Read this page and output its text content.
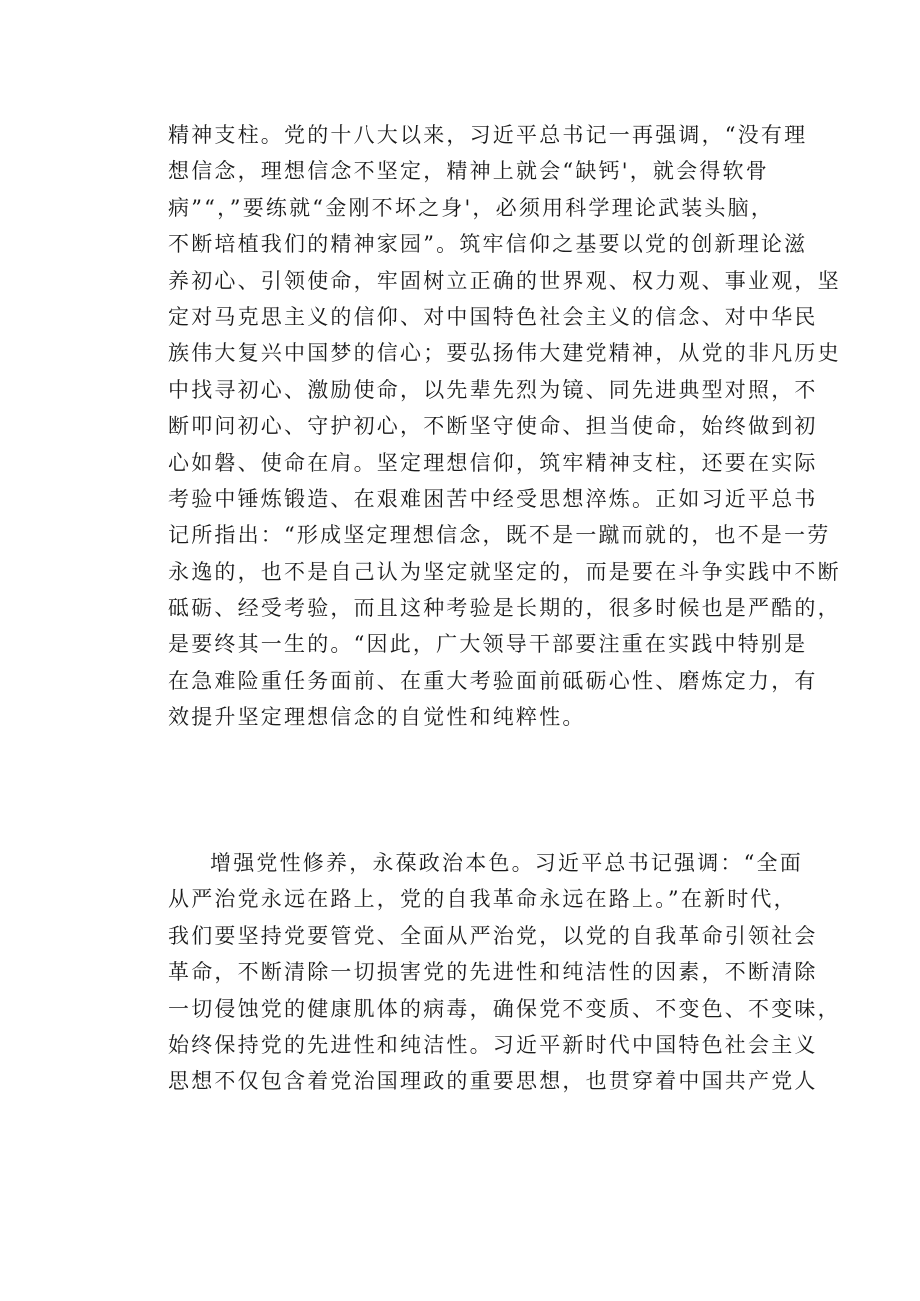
精神支柱。党的十八大以来，习近平总书记一再强调，“没有理
想信念，理想信念不坚定，精神上就会“缺钙'，就会得软骨
病”“，”要练就“金刚不坏之身'，必须用科学理论武装头脑，
不断培植我们的精神家园”。筑牢信仰之基要以党的创新理论滋
养初心、引领使命，牢固树立正确的世界观、权力观、事业观，坚
定对马克思主义的信仰、对中国特色社会主义的信念、对中华民
族伟大复兴中国梦的信心；要弘扬伟大建党精神，从党的非凡历史
中找寻初心、激励使命，以先辈先烈为镜、同先进典型对照，不
断叩问初心、守护初心，不断坚守使命、担当使命，始终做到初
心如磐、使命在肩。坚定理想信仰，筑牢精神支柱，还要在实际
考验中锤炼锻造、在艰难困苦中经受思想淬炼。正如习近平总书
记所指出：“形成坚定理想信念，既不是一蹴而就的，也不是一劳
永逸的，也不是自己认为坚定就坚定的，而是要在斗争实践中不断
砥砺、经受考验，而且这种考验是长期的，很多时候也是严酷的，
是要终其一生的。“因此，广大领导干部要注重在实践中特别是
在急难险重任务面前、在重大考验面前砥砺心性、磨炼定力，有
效提升坚定理想信念的自觉性和纯粹性。
增强党性修养，永葆政治本色。习近平总书记强调：“全面
从严治党永远在路上，党的自我革命永远在路上。”在新时代，
我们要坚持党要管党、全面从严治党，以党的自我革命引领社会
革命，不断清除一切损害党的先进性和纯洁性的因素，不断清除
一切侵蚀党的健康肌体的病毒，确保党不变质、不变色、不变味，
始终保持党的先进性和纯洁性。习近平新时代中国特色社会主义
思想不仅包含着党治国理政的重要思想，也贯穿着中国共产党人
